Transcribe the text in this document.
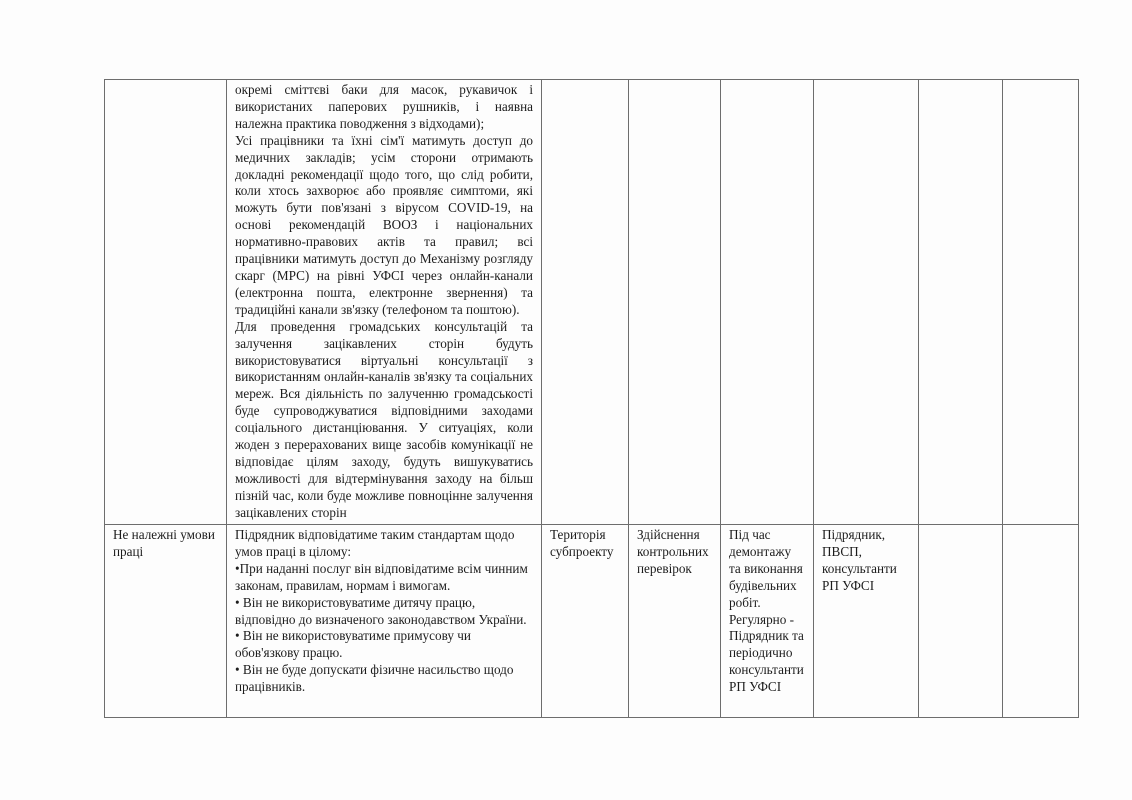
	окремі сміттєві баки для масок, рукавичок і використаних паперових рушників, і наявна належна практика поводження з відходами);
Усі працівники та їхні сім'ї матимуть доступ до медичних закладів; усім сторони отримають докладні рекомендації щодо того, що слід робити, коли хтось захворює або проявляє симптоми, які можуть бути пов'язані з вірусом COVID-19, на основі рекомендацій ВООЗ і національних нормативно-правових актів та правил; всі працівники матимуть доступ до Механізму розгляду скарг (МРС) на рівні УФСІ через онлайн-канали (електронна пошта, електронне звернення) та традиційні канали зв'язку (телефоном та поштою).
Для проведення громадських консультацій та залучення зацікавлених сторін будуть використовуватися віртуальні консультації з використанням онлайн-каналів зв'язку та соціальних мереж. Вся діяльність по залученню громадськості буде супроводжуватися відповідними заходами соціального дистанціювання. У ситуаціях, коли жоден з перерахованих вище засобів комунікації не відповідає цілям заходу, будуть вишукуватись можливості для відтермінування заходу на більш пізній час, коли буде можливе повноцінне залучення зацікавлених сторін						

Не належні умови праці	Підрядник відповідатиме таким стандартам щодо умов праці в цілому:
•При наданні послуг він відповідатиме всім чинним законам, правилам, нормам і вимогам.
• Він не використовуватиме дитячу працю, відповідно до визначеного законодавством України.
• Він не використовуватиме примусову чи обов'язкову працю.
• Він не буде допускати фізичне насильство щодо працівників.	Територія субпроекту	Здійснення контрольних перевірок	Під час демонтажу та виконання будівельних робіт. Регулярно - Підрядник та періодично консультанти РП УФСІ	Підрядник, ПВСП, консультанти РП УФСІ		
